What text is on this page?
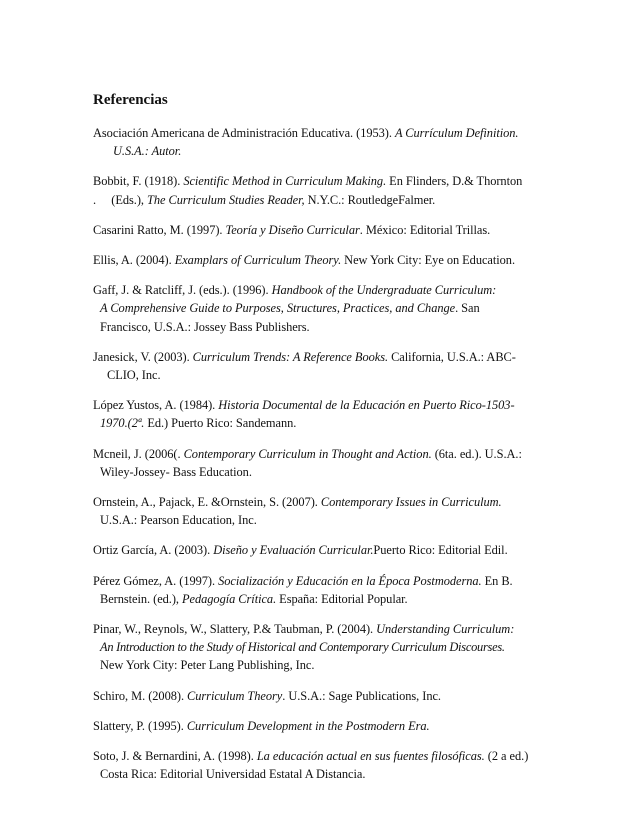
Referencias
Asociación Americana de Administración Educativa. (1953). A Currículum Definition.
U.S.A.: Autor.
Bobbit, F. (1918). Scientific Method in Curriculum Making. En Flinders, D.& Thornton
.     (Eds.), The Curriculum Studies Reader, N.Y.C.: RoutledgeFalmer.
Casarini Ratto, M. (1997). Teoría y Diseño Curricular. México: Editorial Trillas.
Ellis, A. (2004). Examplars of Curriculum Theory. New York City: Eye on Education.
Gaff, J. & Ratcliff, J. (eds.). (1996). Handbook of the Undergraduate Curriculum:
A Comprehensive Guide to Purposes, Structures, Practices, and Change. San
Francisco, U.S.A.: Jossey Bass Publishers.
Janesick, V. (2003). Curriculum Trends: A Reference Books. California, U.S.A.: ABC-
CLIO, Inc.
López Yustos, A. (1984). Historia Documental de la Educación en Puerto Rico-1503-
1970.(2ª. Ed.) Puerto Rico: Sandemann.
Mcneil, J. (2006(. Contemporary Curriculum in Thought and Action. (6ta. ed.). U.S.A.:
Wiley-Jossey- Bass Education.
Ornstein, A., Pajack, E. &Ornstein, S. (2007). Contemporary Issues in Curriculum.
U.S.A.: Pearson Education, Inc.
Ortiz García, A. (2003). Diseño y Evaluación Curricular.Puerto Rico: Editorial Edil.
Pérez Gómez, A. (1997). Socialización y Educación en la Época Postmoderna. En B.
Bernstein. (ed.), Pedagogía Crítica. España: Editorial Popular.
Pinar, W., Reynols, W., Slattery, P.& Taubman, P. (2004). Understanding Curriculum:
An Introduction to the Study of Historical and Contemporary Curriculum Discourses.
New York City: Peter Lang Publishing, Inc.
Schiro, M. (2008). Curriculum Theory. U.S.A.: Sage Publications, Inc.
Slattery, P. (1995). Curriculum Development in the Postmodern Era.
Soto, J. & Bernardini, A. (1998). La educación actual en sus fuentes filosóficas. (2 a ed.)
Costa Rica: Editorial Universidad Estatal A Distancia.
